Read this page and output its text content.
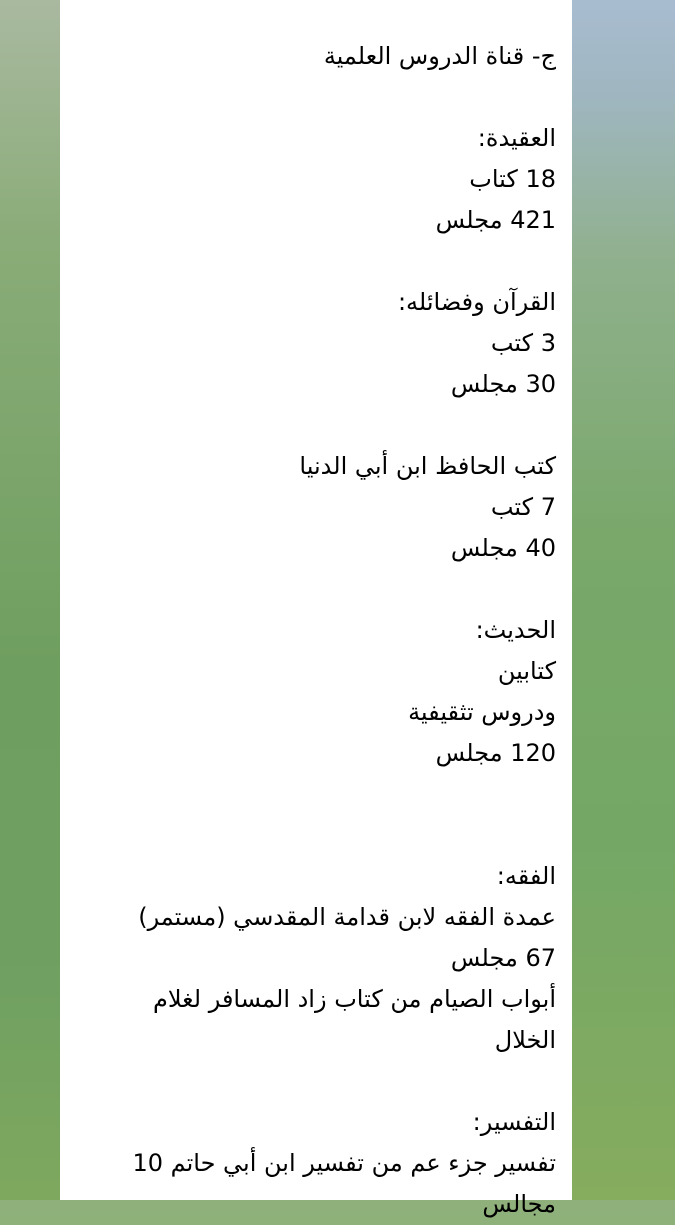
ج- قناة الدروس العلمية
العقيدة:
18 كتاب
421 مجلس
القرآن وفضائله:
3 كتب
30 مجلس
كتب الحافظ ابن أبي الدنيا
7 كتب
40 مجلس
الحديث:
كتابين
ودروس تثقيفية
120 مجلس
الفقه:
عمدة الفقه لابن قدامة المقدسي (مستمر)
67 مجلس
أبواب الصيام من كتاب زاد المسافر لغلام
الخلال
التفسير:
تفسير جزء عم من تفسير ابن أبي حاتم 10
مجالس
